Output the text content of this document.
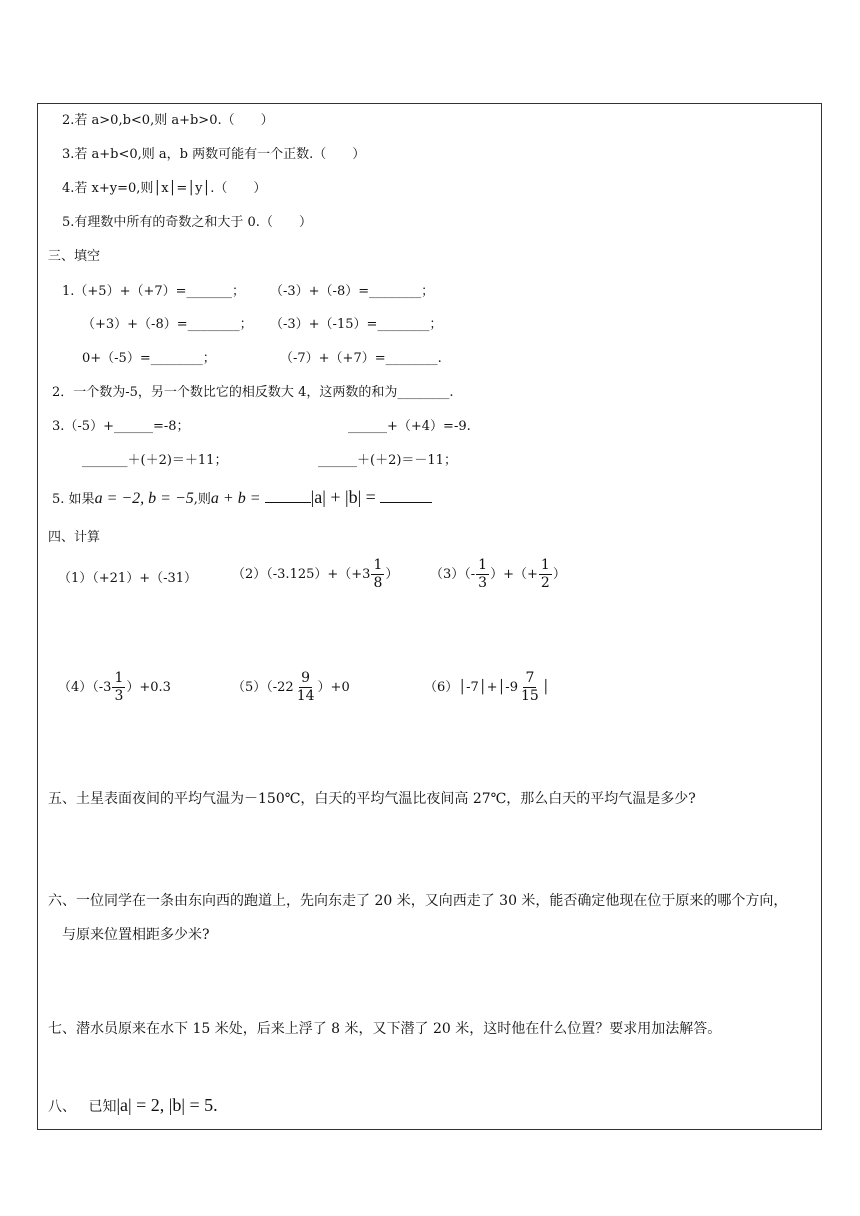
2.若 a>0,b<0,则 a+b>0.（　　）
3.若 a+b<0,则 a，b 两数可能有一个正数.（　　）
4.若 x+y=0,则│x│=│y│.（　　）
5.有理数中所有的奇数之和大于 0.（　　）
三、填空
1.（+5）+（+7）=_______； （-3）+（-8）=________；
（+3）+（-8）=________； （-3）+（-15）=________；
0+（-5）=________；	（-7）+（+7）=________.
2．一个数为-5，另一个数比它的相反数大 4，这两数的和为________.
3.（-5）+______=-8；	______+（+4）=-9.
_______＋(＋2)＝＋11；	______＋(＋2)＝－11；
5. 如果a = −2, b = −5,则a + b =	|a| + |b| =
四、计算
（1）（+21）+（-31）	$(2)(-3.125)+(+3 \frac{1}{8}$ ） $(3)(- \frac{1}{3}$ ）+（+ $\frac{1}{2}$ ）
$(4)(-3 \frac{1}{3} )+0.3$	$(5)(-22 \frac{9}{14} )+0$	（6）│-7│+│-9 $\frac{7}{15}$ │
五、土星表面夜间的平均气温为－150℃，白天的平均气温比夜间高 27℃，那么白天的平均气温是多少?
六、一位同学在一条由东向西的跑道上，先向东走了 20 米，又向西走了 30 米，能否确定他现在位于原来的哪个方向，
与原来位置相距多少米?
七、潜水员原来在水下 15 米处，后来上浮了 8 米，又下潜了 20 米，这时他在什么位置？要求用加法解答。
八、 已知|a| = 2, |b| = 5.
